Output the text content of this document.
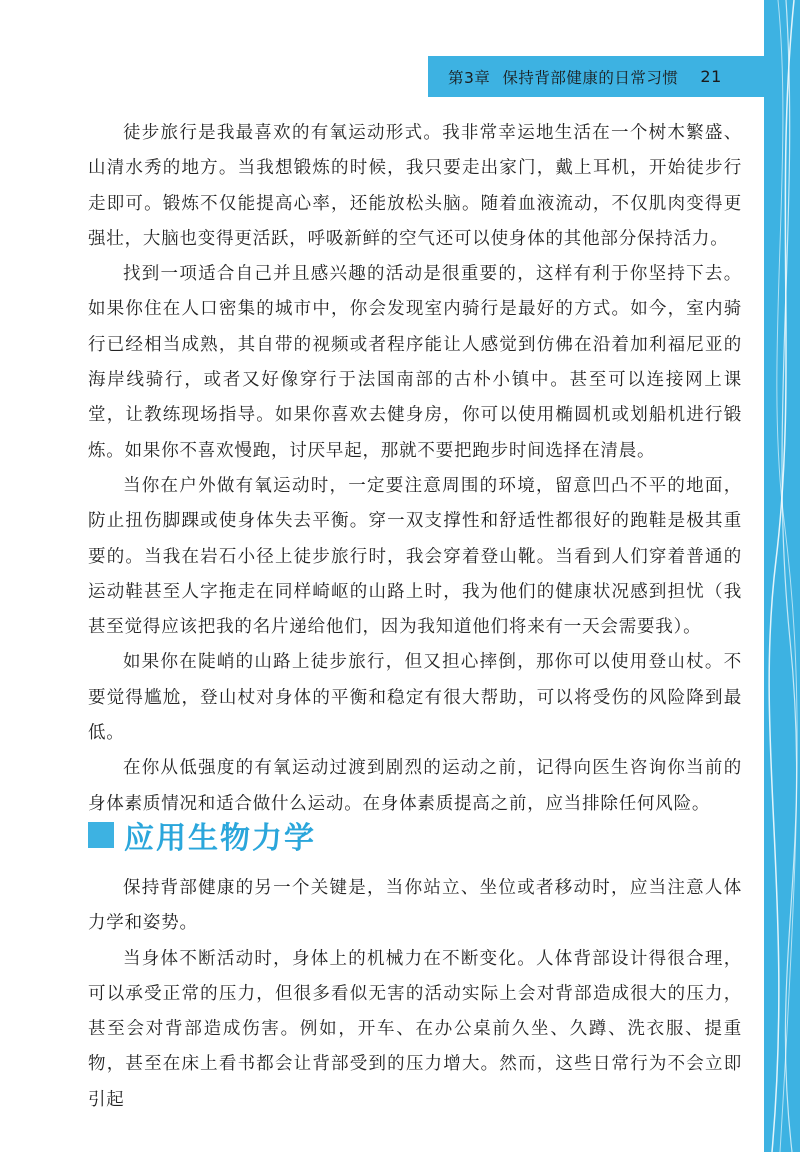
第3章 保持背部健康的日常习惯 21

徒步旅行是我最喜欢的有氧运动形式。我非常幸运地生活在一个树木繁盛、山清水秀的地方。当我想锻炼的时候，我只要走出家门，戴上耳机，开始徒步行走即可。锻炼不仅能提高心率，还能放松头脑。随着血液流动，不仅肌肉变得更强壮，大脑也变得更活跃，呼吸新鲜的空气还可以使身体的其他部分保持活力。

找到一项适合自己并且感兴趣的活动是很重要的，这样有利于你坚持下去。如果你住在人口密集的城市中，你会发现室内骑行是最好的方式。如今，室内骑行已经相当成熟，其自带的视频或者程序能让人感觉到仿佛在沿着加利福尼亚的海岸线骑行，或者又好像穿行于法国南部的古朴小镇中。甚至可以连接网上课堂，让教练现场指导。如果你喜欢去健身房，你可以使用椭圆机或划船机进行锻炼。如果你不喜欢慢跑，讨厌早起，那就不要把跑步时间选择在清晨。

当你在户外做有氧运动时，一定要注意周围的环境，留意凹凸不平的地面，防止扭伤脚踝或使身体失去平衡。穿一双支撑性和舒适性都很好的跑鞋是极其重要的。当我在岩石小径上徒步旅行时，我会穿着登山靴。当看到人们穿着普通的运动鞋甚至人字拖走在同样崎岖的山路上时，我为他们的健康状况感到担忧（我甚至觉得应该把我的名片递给他们，因为我知道他们将来有一天会需要我）。

如果你在陡峭的山路上徒步旅行，但又担心摔倒，那你可以使用登山杖。不要觉得尴尬，登山杖对身体的平衡和稳定有很大帮助，可以将受伤的风险降到最低。

在你从低强度的有氧运动过渡到剧烈的运动之前，记得向医生咨询你当前的身体素质情况和适合做什么运动。在身体素质提高之前，应当排除任何风险。

应用生物力学

保持背部健康的另一个关键是，当你站立、坐位或者移动时，应当注意人体力学和姿势。

当身体不断活动时，身体上的机械力在不断变化。人体背部设计得很合理，可以承受正常的压力，但很多看似无害的活动实际上会对背部造成很大的压力，甚至会对背部造成伤害。例如，开车、在办公桌前久坐、久蹲、洗衣服、提重物，甚至在床上看书都会让背部受到的压力增大。然而，这些日常行为不会立即引起
